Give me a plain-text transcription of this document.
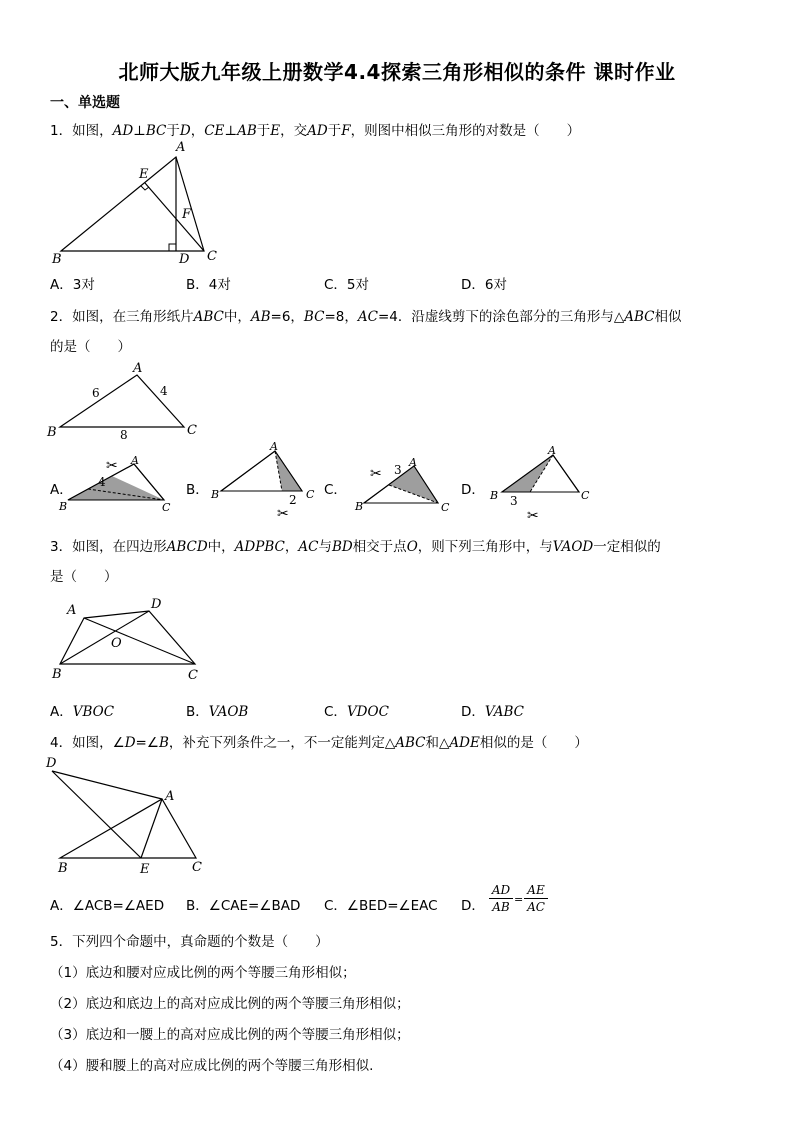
北师大版九年级上册数学4.4探索三角形相似的条件 课时作业
一、单选题
1．如图，AD⊥BC于D，CE⊥AB于E，交AD于F，则图中相似三角形的对数是（　　）
A
B	C
D
E
F
A．3对	B．4对	C．5对	D．6对
2．如图，在三角形纸片ABC中，AB=6，BC=8，AC=4．沿虚线剪下的涂色部分的三角形与△ABC相似
的是（　　）
A
B	C
6	4
8
A
B	C
4
✂
A
B	C
2
✂
A
B	C
3
✂
A
B	C
3
✂
A．	B．	C．	D．
3．如图，在四边形ABCD中，ADPBC，AC与BD相交于点O，则下列三角形中，与VAOD一定相似的
是（　　）
A	D
B	C
O
A．VBOC	B．VAOB	C．VDOC	D．VABC
4．如图，∠D=∠B，补充下列条件之一，不一定能判定△ABC和△ADE相似的是（　　）
D
A
B	E	C
A．∠ACB=∠AED B．∠CAE=∠BAD C．∠BED=∠EAC D． $\frac{AD}{AB} = \frac{AE}{AC}$
5．下列四个命题中，真命题的个数是（　　）
（1）底边和腰对应成比例的两个等腰三角形相似；
（2）底边和底边上的高对应成比例的两个等腰三角形相似；
（3）底边和一腰上的高对应成比例的两个等腰三角形相似；
（4）腰和腰上的高对应成比例的两个等腰三角形相似.
